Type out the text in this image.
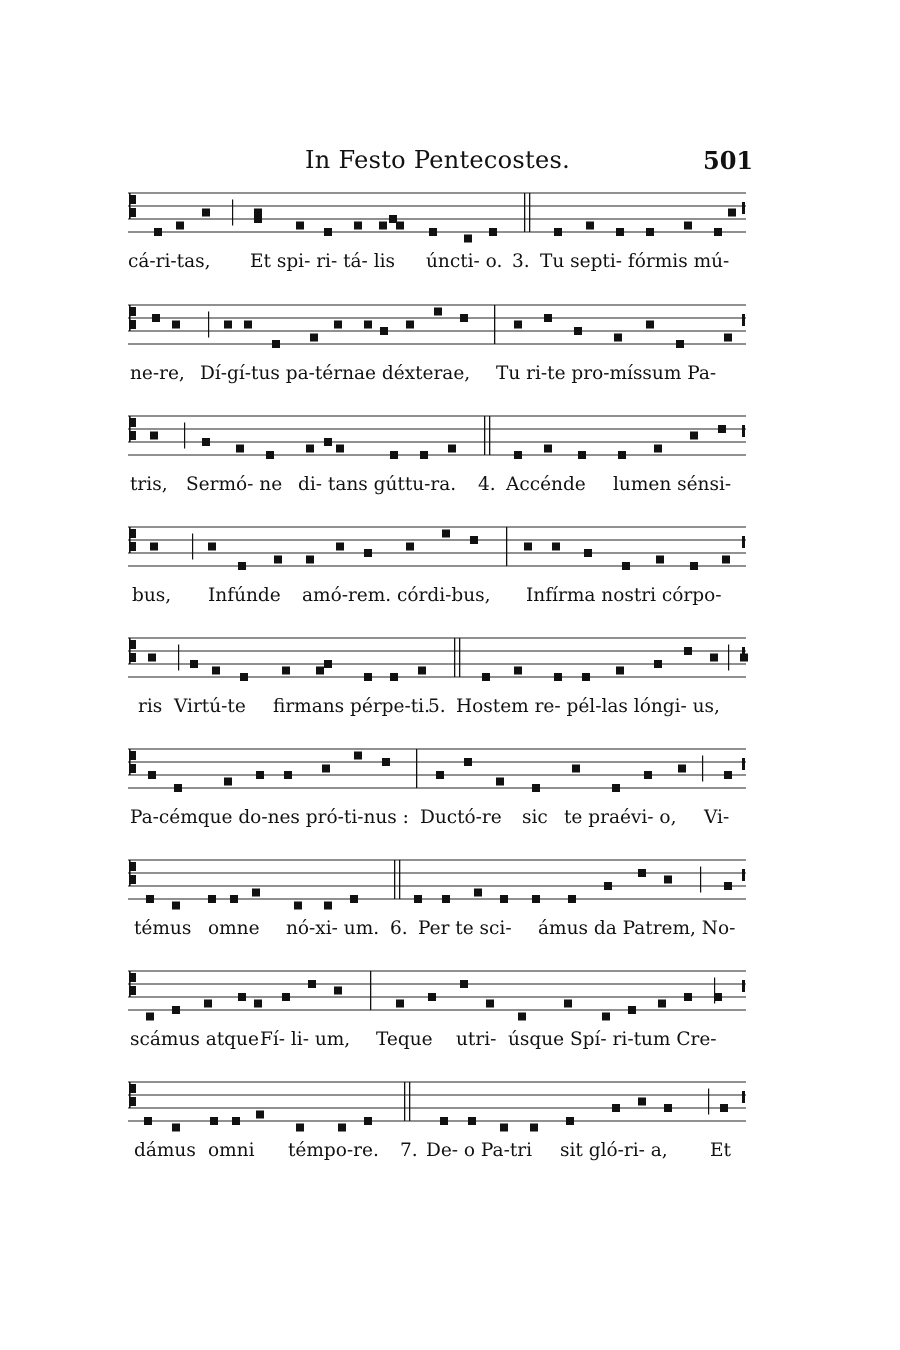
In Festo Pentecostes.	501
cá-ri-tas, Et spi- ri- tá- lis úncti- o. 3. Tu septi- fórmis mú-
ne-re, Dí-gí-tus pa-térnae déxterae, Tu ri-te pro-míssum Pa-
tris, Sermó- ne di- tans gúttu-ra. 4. Accénde lumen sénsi-
bus, Infúnde amó-rem. córdi-bus, Infírma nostri córpo-
ris Virtú-te firmans pérpe-ti.
5. Hostem re- pél-las lóngi- us,
Pa-cémque do-nes pró-ti-nus : Ductó-re sic te praévi- o, Vi-
témus omne nó-xi- um. 6. Per te sci- ámus da Patrem, No-
scámus atque Fí- li- um, Teque utri- úsque Spí- ri-tum Cre-
dámus omni témpo-re. 7. De- o Pa-tri sit gló-ri- a, Et
